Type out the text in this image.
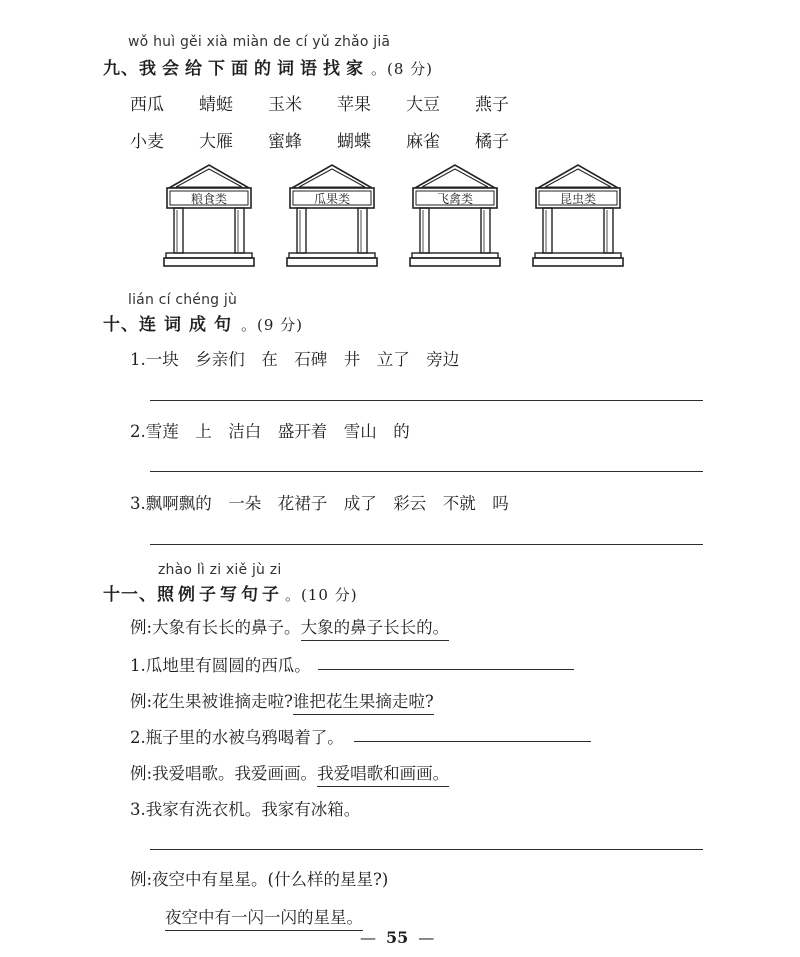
wǒ huì gěi xià miàn de cí yǔ zhǎo jiā
九、我会给下面的词语找家 。(8 分)
西瓜	蜻蜓	玉米	苹果	大豆	燕子
小麦	大雁	蜜蜂	蝴蝶	麻雀	橘子
粮食类	瓜果类	飞禽类	昆虫类
lián cí chéng jù
十、连词成句 。(9 分)
1.一块　乡亲们　在　石碑　井　立了　旁边
2.雪莲　上　洁白　盛开着　雪山　的
3.飘啊飘的　一朵　花裙子　成了　彩云　不就　吗
zhào lì zi xiě jù zi
十一、照例子写句子 。(10 分)
例:大象有长长的鼻子。大象的鼻子长长的。
1.瓜地里有圆圆的西瓜。
例:花生果被谁摘走啦?谁把花生果摘走啦?
2.瓶子里的水被乌鸦喝着了。
例:我爱唱歌。我爱画画。我爱唱歌和画画。
3.我家有洗衣机。我家有冰箱。
例:夜空中有星星。(什么样的星星?)
夜空中有一闪一闪的星星。
— 55 —
